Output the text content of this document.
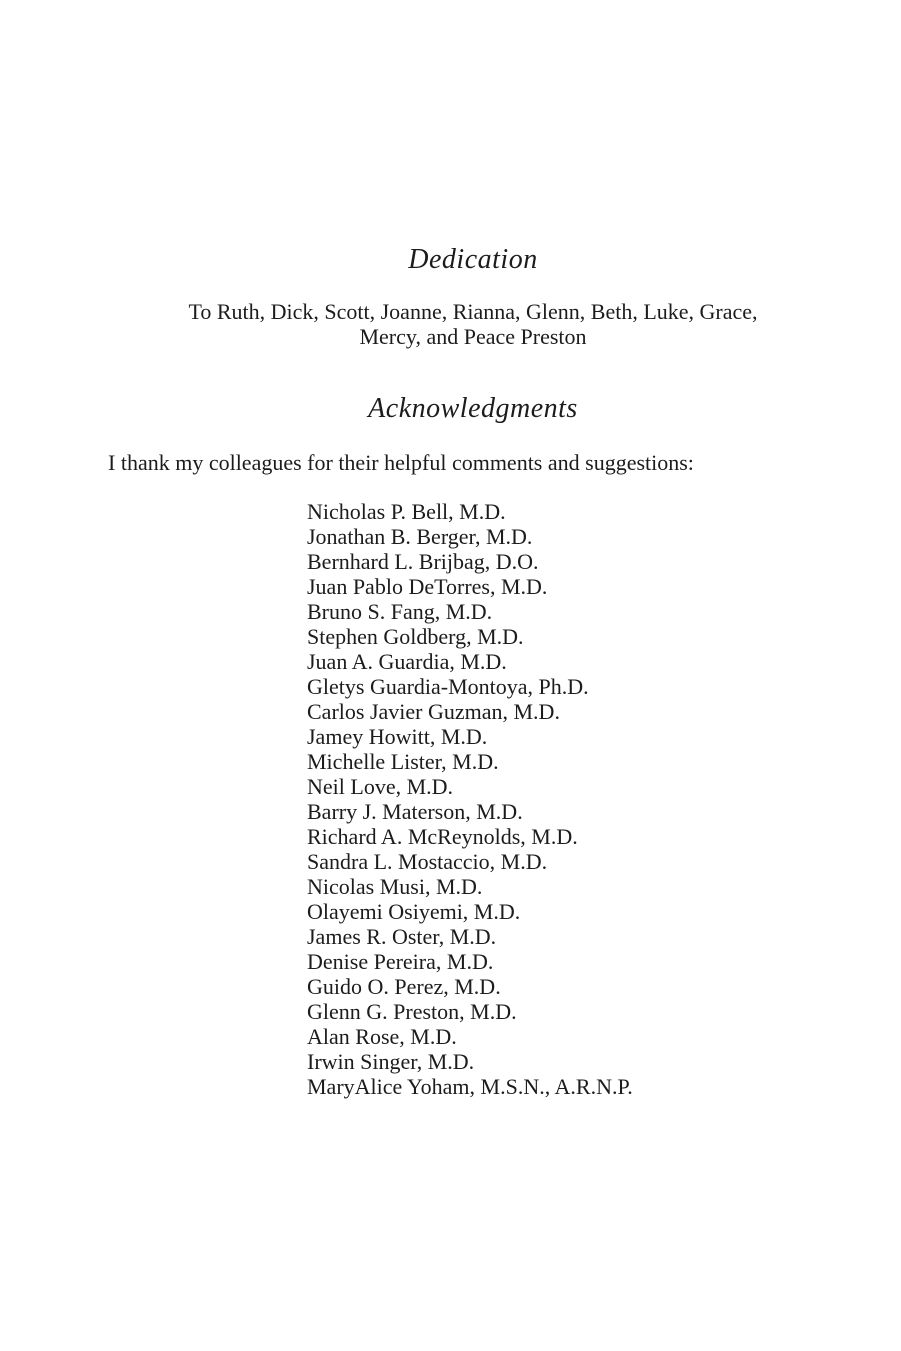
Dedication

To Ruth, Dick, Scott, Joanne, Rianna, Glenn, Beth, Luke, Grace,
Mercy, and Peace Preston

Acknowledgments

I thank my colleagues for their helpful comments and suggestions:

Nicholas P. Bell, M.D.
Jonathan B. Berger, M.D.
Bernhard L. Brijbag, D.O.
Juan Pablo DeTorres, M.D.
Bruno S. Fang, M.D.
Stephen Goldberg, M.D.
Juan A. Guardia, M.D.
Gletys Guardia-Montoya, Ph.D.
Carlos Javier Guzman, M.D.
Jamey Howitt, M.D.
Michelle Lister, M.D.
Neil Love, M.D.
Barry J. Materson, M.D.
Richard A. McReynolds, M.D.
Sandra L. Mostaccio, M.D.
Nicolas Musi, M.D.
Olayemi Osiyemi, M.D.
James R. Oster, M.D.
Denise Pereira, M.D.
Guido O. Perez, M.D.
Glenn G. Preston, M.D.
Alan Rose, M.D.
Irwin Singer, M.D.
MaryAlice Yoham, M.S.N., A.R.N.P.
